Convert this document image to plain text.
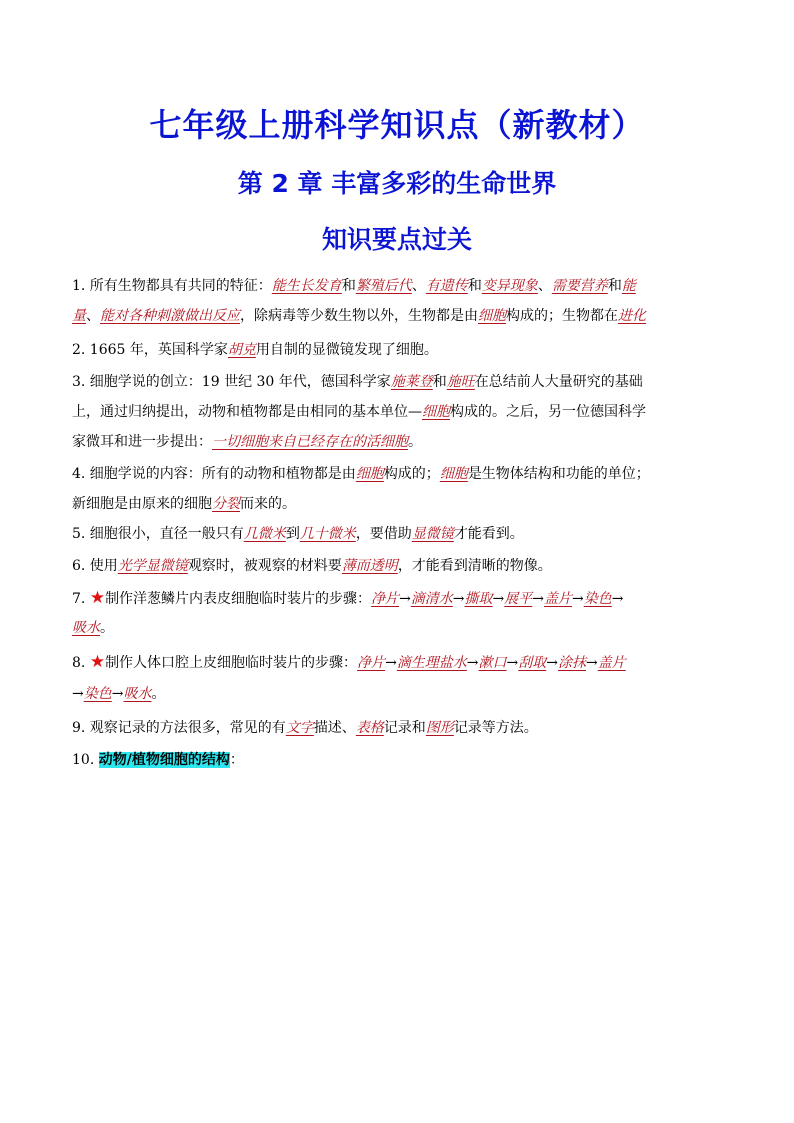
七年级上册科学知识点（新教材）
第 2 章 丰富多彩的生命世界
知识要点过关
1. 所有生物都具有共同的特征：能生长发育和繁殖后代、有遗传和变异现象、需要营养和能
量、能对各种刺激做出反应，除病毒等少数生物以外，生物都是由细胞构成的；生物都在进化
2. 1665 年，英国科学家胡克用自制的显微镜发现了细胞。
3. 细胞学说的创立：19 世纪 30 年代，德国科学家施莱登和施旺在总结前人大量研究的基础
上，通过归纳提出，动物和植物都是由相同的基本单位—细胞构成的。之后，另一位德国科学
家微耳和进一步提出：一切细胞来自已经存在的活细胞。
4. 细胞学说的内容：所有的动物和植物都是由细胞构成的；细胞是生物体结构和功能的单位；
新细胞是由原来的细胞分裂而来的。
5. 细胞很小，直径一般只有几微米到几十微米，要借助显微镜才能看到。
6. 使用光学显微镜观察时，被观察的材料要薄而透明，才能看到清晰的物像。
7. ★制作洋葱鳞片内表皮细胞临时装片的步骤：净片→滴清水→撕取→展平→盖片→染色→
吸水。
8. ★制作人体口腔上皮细胞临时装片的步骤：净片→滴生理盐水→漱口→刮取→涂抹→盖片
→染色→吸水。
9. 观察记录的方法很多，常见的有文字描述、表格记录和图形记录等方法。
10. 动物/植物细胞的结构：
